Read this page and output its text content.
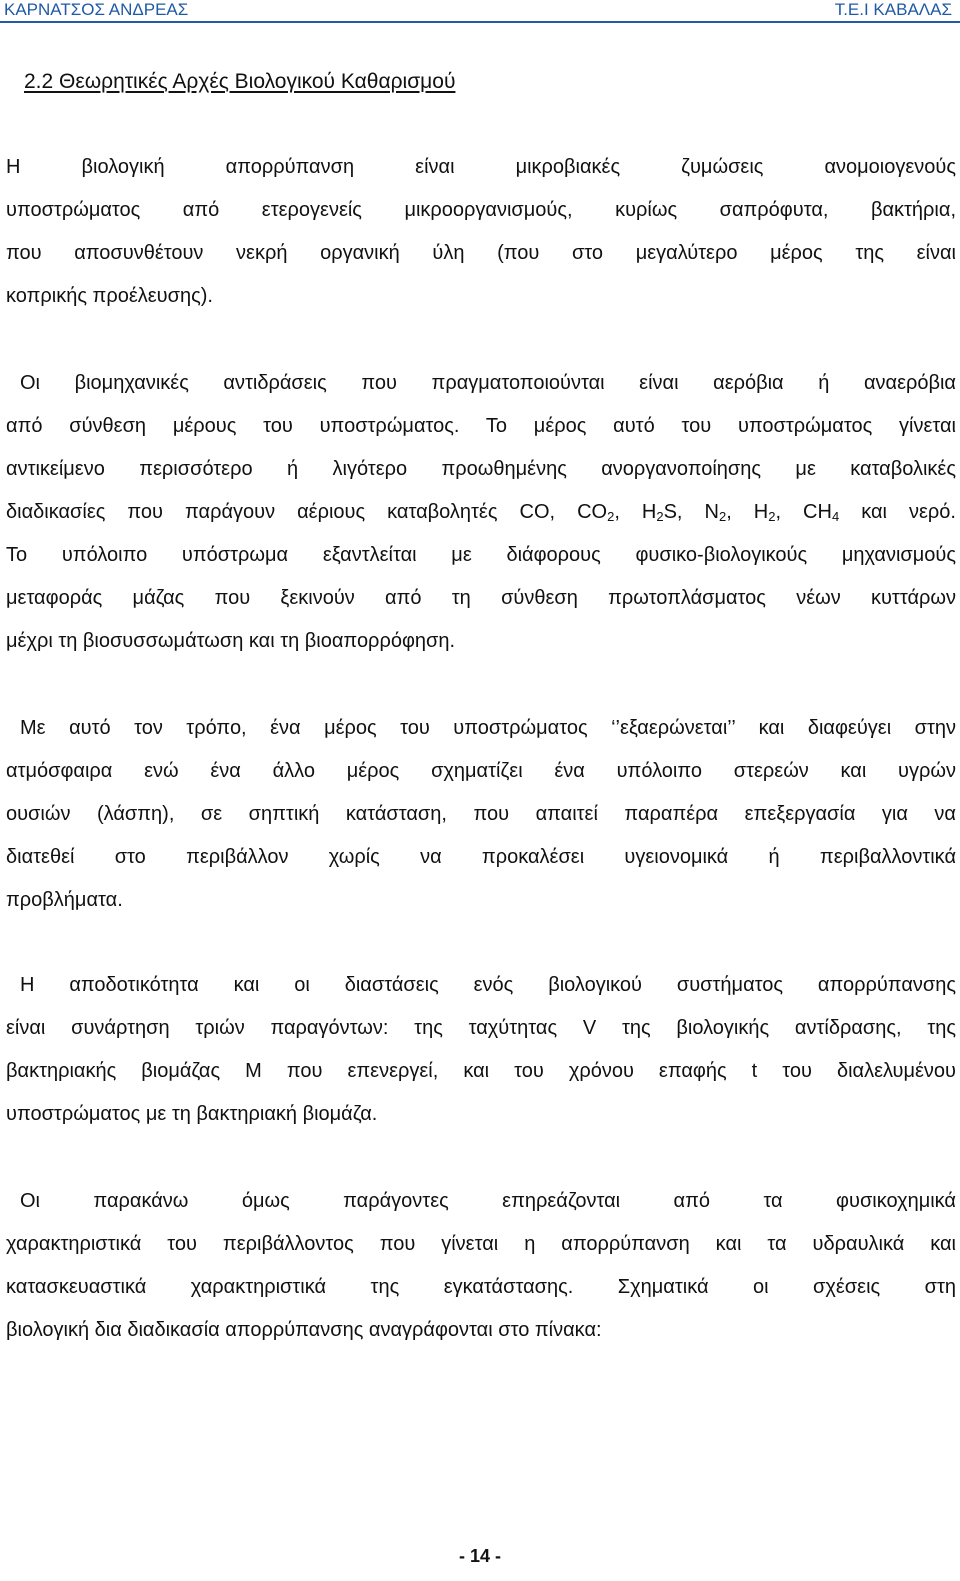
ΚΑΡΝΑΤΣΟΣ ΑΝΔΡΕΑΣ	Τ.Ε.Ι ΚΑΒΑΛΑΣ
2.2 Θεωρητικές Αρχές Βιολογικού Καθαρισμού
Η βιολογική απορρύπανση είναι μικροβιακές ζυμώσεις ανομοιογενούς
υποστρώματος από ετερογενείς μικροοργανισμούς, κυρίως σαπρόφυτα, βακτήρια,
που αποσυνθέτουν νεκρή οργανική ύλη (που στο μεγαλύτερο μέρος της είναι
κοπρικής προέλευσης).
Οι βιομηχανικές αντιδράσεις που πραγματοποιούνται είναι αερόβια ή αναερόβια
από σύνθεση μέρους του υποστρώματος. Το μέρος αυτό του υποστρώματος γίνεται
αντικείμενο περισσότερο ή λιγότερο προωθημένης ανοργανοποίησης με καταβολικές
διαδικασίες που παράγουν αέριους καταβολητές CO, $CO_2$, $H_2S$, $N_2$, $H_2$, $CH_4$ και νερό.
Το υπόλοιπο υπόστρωμα εξαντλείται με διάφορους φυσικο-βιολογικούς μηχανισμούς
μεταφοράς μάζας που ξεκινούν από τη σύνθεση πρωτοπλάσματος νέων κυττάρων
μέχρι τη βιοσυσσωμάτωση και τη βιοαπορρόφηση.
Με αυτό τον τρόπο, ένα μέρος του υποστρώματος ‘’εξαερώνεται’’ και διαφεύγει στην
ατμόσφαιρα ενώ ένα άλλο μέρος σχηματίζει ένα υπόλοιπο στερεών και υγρών
ουσιών (λάσπη), σε σηπτική κατάσταση, που απαιτεί παραπέρα επεξεργασία για να
διατεθεί στο περιβάλλον χωρίς να προκαλέσει υγειονομικά ή περιβαλλοντικά
προβλήματα.
Η αποδοτικότητα και οι διαστάσεις ενός βιολογικού συστήματος απορρύπανσης
είναι συνάρτηση τριών παραγόντων: της ταχύτητας V της βιολογικής αντίδρασης, της
βακτηριακής βιομάζας Μ που επενεργεί, και του χρόνου επαφής t του διαλελυμένου
υποστρώματος με τη βακτηριακή βιομάζα.
Οι παρακάνω όμως παράγοντες επηρεάζονται από τα φυσικοχημικά
χαρακτηριστικά του περιβάλλοντος που γίνεται η απορρύπανση και τα υδραυλικά και
κατασκευαστικά χαρακτηριστικά της εγκατάστασης. Σχηματικά οι σχέσεις στη
βιολογική δια διαδικασία απορρύπανσης αναγράφονται στο πίνακα:
- 14 -
